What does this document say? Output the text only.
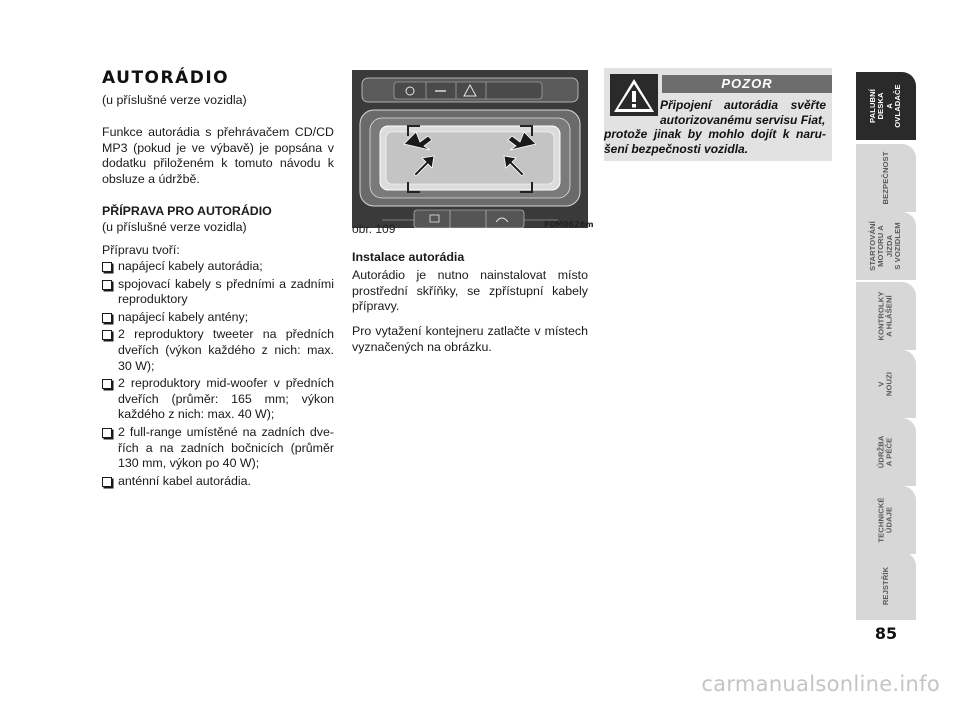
AUTORÁDIO
(u příslušné verze vozidla)
Funkce autorádia s přehrávačem CD/CD MP3 (pokud je ve výbavě) je popsána v dodatku přiloženém k tomuto návodu k obsluze a údržbě.
PŘÍPRAVA PRO AUTORÁDIO
(u příslušné verze vozidla)
Přípravu tvoří:
napájecí kabely autorádia;
spojovací kabely s předními a zadními reproduktory
napájecí kabely antény;
2 reproduktory tweeter na předních dveřích (výkon každého z nich: max. 30 W);
2 reproduktory mid-woofer v předních dveřích (průměr: 165 mm; výkon každého z nich: max. 40 W);
2 full-range umístěné na zadních dveřích a na zadních bočnicích (průměr 130 mm, výkon po 40 W);
anténní kabel autorádia.
obr. 109	F0M0626m
Instalace autorádia
Autorádio je nutno nainstalovat místo prostřední skříňky, se zpřístupní kabely přípravy.
Pro vytažení kontejneru zatlačte v místech vyznačených na obrázku.
POZOR
Připojení autorádia svěřte autorizovanému servisu Fiat,
protože jinak by mohlo dojít k narušení bezpečnosti vozidla.
PALUBNÍ DESKA
A OVLADAČE
BEZPEČNOST
STARTOVÁNÍ
MOTORU A JÍZDA
S VOZIDLEM
KONTROLKY
A HLÁŠENÍ
V NOUZI
ÚDRŽBA A PÉČE
TECHNICKÉ ÚDAJE
REJSTŘÍK
85
carmanualsonline.info
